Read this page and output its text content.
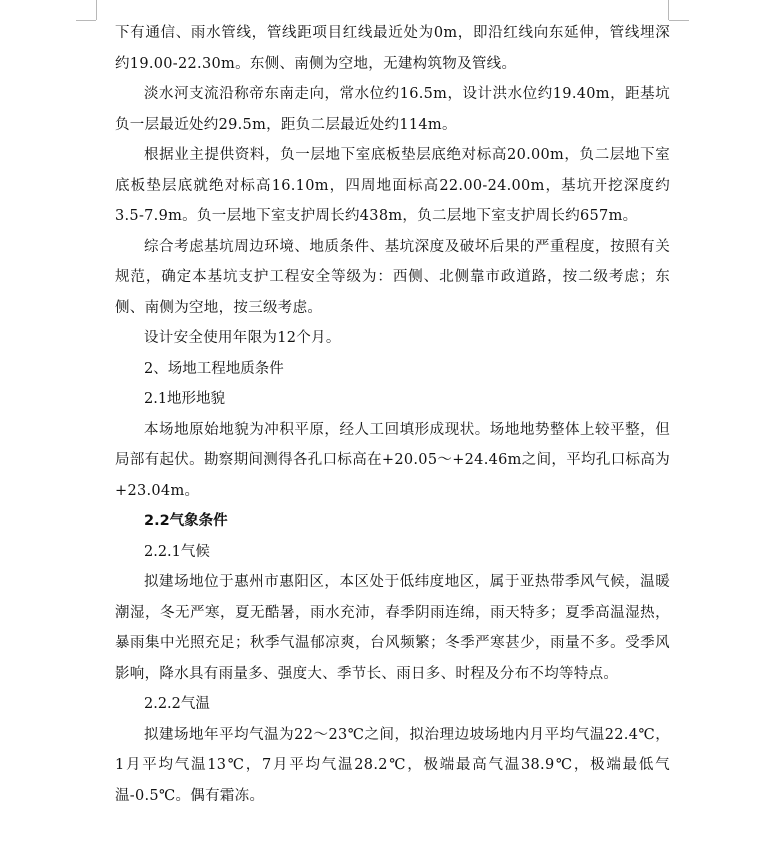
下有通信、雨水管线，管线距项目红线最近处为0m，即沿红线向东延伸，管线埋深约19.00-22.30m。东侧、南侧为空地，无建构筑物及管线。

淡水河支流沿称帝东南走向，常水位约16.5m，设计洪水位约19.40m，距基坑负一层最近处约29.5m，距负二层最近处约114m。

根据业主提供资料，负一层地下室底板垫层底绝对标高20.00m，负二层地下室底板垫层底就绝对标高16.10m，四周地面标高22.00-24.00m，基坑开挖深度约3.5-7.9m。负一层地下室支护周长约438m，负二层地下室支护周长约657m。

综合考虑基坑周边环境、地质条件、基坑深度及破坏后果的严重程度，按照有关规范，确定本基坑支护工程安全等级为：西侧、北侧靠市政道路，按二级考虑；东侧、南侧为空地，按三级考虑。

设计安全使用年限为12个月。

2、场地工程地质条件

2.1地形地貌

本场地原始地貌为冲积平原，经人工回填形成现状。场地地势整体上较平整，但局部有起伏。勘察期间测得各孔口标高在+20.05～+24.46m之间，平均孔口标高为+23.04m。

2.2气象条件

2.2.1气候

拟建场地位于惠州市惠阳区，本区处于低纬度地区，属于亚热带季风气候，温暖潮湿，冬无严寒，夏无酷暑，雨水充沛，春季阴雨连绵，雨天特多；夏季高温湿热，暴雨集中光照充足；秋季气温郁凉爽，台风频繁；冬季严寒甚少，雨量不多。受季风影响，降水具有雨量多、强度大、季节长、雨日多、时程及分布不均等特点。

2.2.2气温

拟建场地年平均气温为22～23℃之间，拟治理边坡场地内月平均气温22.4℃，1月平均气温13℃，7月平均气温28.2℃，极端最高气温38.9℃，极端最低气温-0.5℃。偶有霜冻。
